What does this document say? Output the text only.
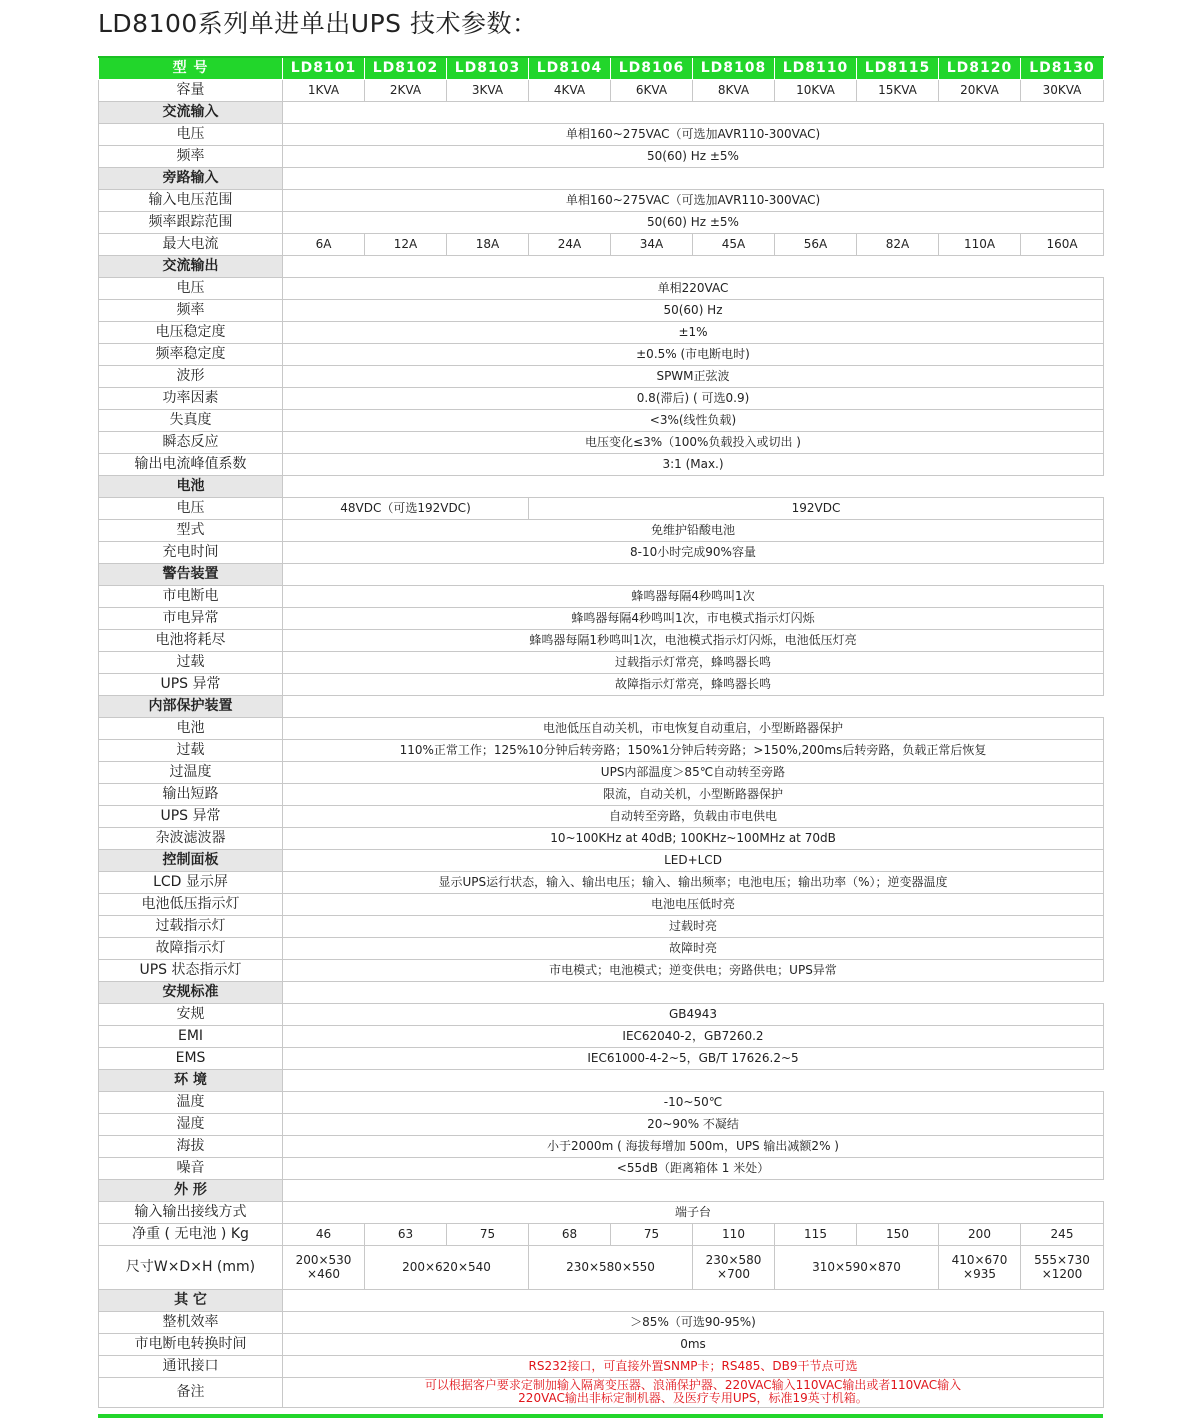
LD8100系列单进单出UPS 技术参数：
型 号	LD8101	LD8102	LD8103	LD8104	LD8106	LD8108	LD8110	LD8115	LD8120	LD8130
容量	1KVA	2KVA	3KVA	4KVA	6KVA	8KVA	10KVA	15KVA	20KVA	30KVA
交流输入										
电压	单相160~275VAC（可选加AVR110-300VAC)									
频率	50(60) Hz ±5%									
旁路输入										
输入电压范围	单相160~275VAC（可选加AVR110-300VAC)									
频率跟踪范围	50(60) Hz ±5%									
最大电流	6A	12A	18A	24A	34A	45A	56A	82A	110A	160A
交流输出										
电压	单相220VAC									
频率	50(60) Hz									
电压稳定度	±1%									
频率稳定度	±0.5% (市电断电时)									
波形	SPWM正弦波									
功率因素	0.8(滞后) ( 可选0.9)									
失真度	<3%(线性负载)									
瞬态反应	电压变化≤3%（100%负载投入或切出 )									
输出电流峰值系数	3:1 (Max.)									
电池										
电压	48VDC（可选192VDC)			192VDC						
型式	免维护铅酸电池									
充电时间	8-10小时完成90%容量									
警告装置										
市电断电	蜂鸣器每隔4秒鸣叫1次									
市电异常	蜂鸣器每隔4秒鸣叫1次，市电模式指示灯闪烁									
电池将耗尽	蜂鸣器每隔1秒鸣叫1次，电池模式指示灯闪烁，电池低压灯亮									
过载	过载指示灯常亮，蜂鸣器长鸣									
UPS 异常	故障指示灯常亮，蜂鸣器长鸣									
内部保护装置										
电池	电池低压自动关机，市电恢复自动重启，小型断路器保护									
过载	110%正常工作；125%10分钟后转旁路；150%1分钟后转旁路；>150%,200ms后转旁路，负载正常后恢复									
过温度	UPS内部温度＞85℃自动转至旁路									
输出短路	限流，自动关机，小型断路器保护									
UPS 异常	自动转至旁路，负载由市电供电									
杂波滤波器	10~100KHz at 40dB; 100KHz~100MHz at 70dB									
控制面板	LED+LCD									
LCD 显示屏	显示UPS运行状态，输入、输出电压；输入、输出频率；电池电压；输出功率（%）；逆变器温度									
电池低压指示灯	电池电压低时亮									
过载指示灯	过载时亮									
故障指示灯	故障时亮									
UPS 状态指示灯	市电模式；电池模式；逆变供电；旁路供电；UPS异常									
安规标准										
安规	GB4943									
EMI	IEC62040-2，GB7260.2									
EMS	IEC61000-4-2~5，GB/T 17626.2~5									
环 境										
温度	-10~50℃									
湿度	20~90% 不凝结									
海拔	小于2000m ( 海拔每增加 500m，UPS 输出减额2% )									
噪音	<55dB（距离箱体 1 米处）									
外 形										
输入输出接线方式	端子台									
净重 ( 无电池 ) Kg	46	63	75	68	75	110	115	150	200	245
尺寸W×D×H (mm)	200×530 ×460	200×620×540		230×580×550		230×580 ×700	310×590×870		410×670 ×935	555×730 ×1200
其 它										
整机效率	＞85%（可选90-95%)									
市电断电转换时间	0ms									
通讯接口	RS232接口，可直接外置SNMP卡；RS485、DB9干节点可选									
备注	可以根据客户要求定制加输入隔离变压器、浪涌保护器、220VAC输入110VAC输出或者110VAC输入220VAC输出非标定制机器、及医疗专用UPS，标准19英寸机箱。									
